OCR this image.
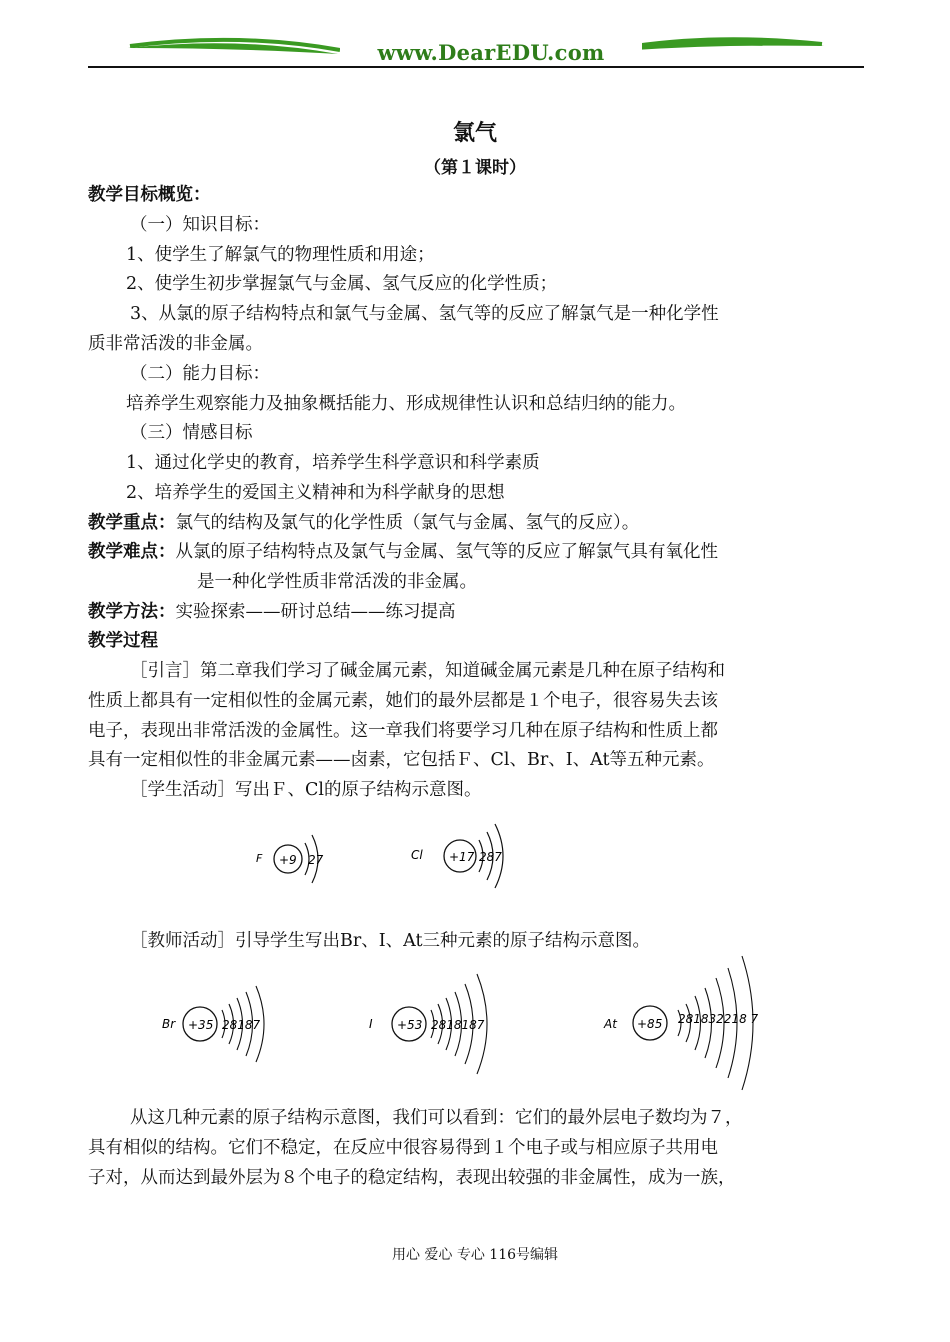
www.DearEDU.com
氯气
（第１课时）
教学目标概览：
（一）知识目标：
1、使学生了解氯气的物理性质和用途；
2、使学生初步掌握氯气与金属、氢气反应的化学性质；
3、从氯的原子结构特点和氯气与金属、氢气等的反应了解氯气是一种化学性
质非常活泼的非金属。
（二）能力目标：
培养学生观察能力及抽象概括能力、形成规律性认识和总结归纳的能力。
（三）情感目标
1、通过化学史的教育，培养学生科学意识和科学素质
2、培养学生的爱国主义精神和为科学献身的思想
教学重点：氯气的结构及氯气的化学性质（氯气与金属、氢气的反应）。
教学难点：从氯的原子结构特点及氯气与金属、氢气等的反应了解氯气具有氧化性
是一种化学性质非常活泼的非金属。
教学方法：实验探索——研讨总结——练习提高
教学过程
［引言］第二章我们学习了碱金属元素，知道碱金属元素是几种在原子结构和
性质上都具有一定相似性的金属元素，她们的最外层都是１个电子，很容易失去该
电子，表现出非常活泼的金属性。这一章我们将要学习几种在原子结构和性质上都
具有一定相似性的非金属元素——卤素，它包括Ｆ、Cl、Br、I、At等五种元素。
［学生活动］写出Ｆ、Cl的原子结构示意图。
F +9 27	Cl +17 287
［教师活动］引导学生写出Br、I、At三种元素的原子结构示意图。
Br +35 28187	I +53 2818187	At +85 281832218 7
从这几种元素的原子结构示意图，我们可以看到：它们的最外层电子数均为７，
具有相似的结构。它们不稳定，在反应中很容易得到１个电子或与相应原子共用电
子对，从而达到最外层为８个电子的稳定结构，表现出较强的非金属性，成为一族，
用心 爱心 专心 116号编辑
